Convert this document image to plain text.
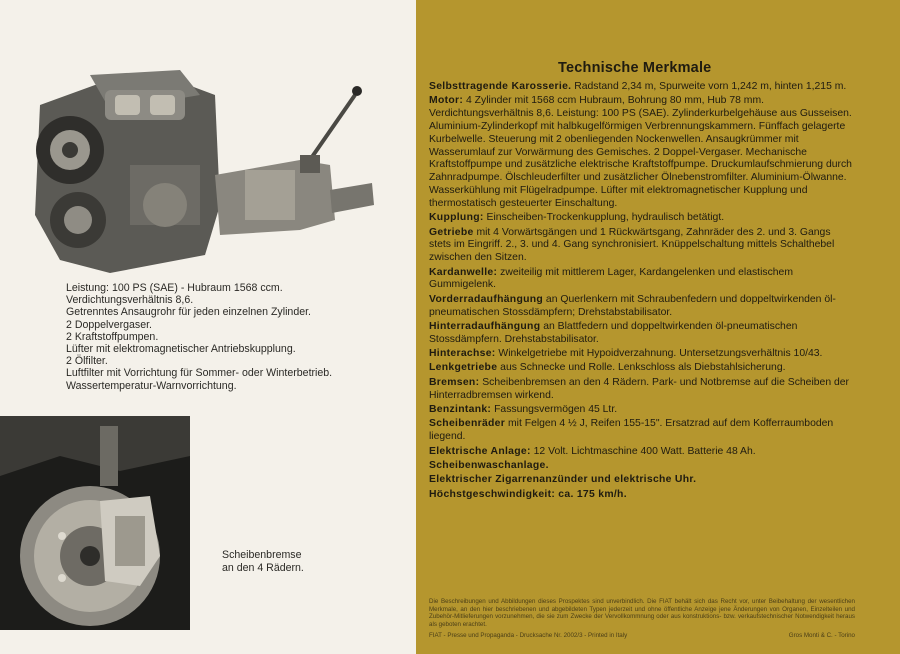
Leistung: 100 PS (SAE) - Hubraum 1568 ccm.
Verdichtungsverhältnis 8,6.
Getrenntes Ansaugrohr für jeden einzelnen Zylinder.
2 Doppelvergaser.
2 Kraftstoffpumpen.
Lüfter mit elektromagnetischer Antriebskupplung.
2 Ölfilter.
Luftfilter mit Vorrichtung für Sommer- oder Winterbetrieb.
Wassertemperatur-Warnvorrichtung.
Scheibenbremse
an den 4 Rädern.
Technische Merkmale
Selbsttragende Karosserie. Radstand 2,34 m, Spurweite vorn 1,242 m, hinten 1,215 m.
Motor: 4 Zylinder mit 1568 ccm Hubraum, Bohrung 80 mm, Hub 78 mm. Verdichtungsverhältnis 8,6. Leistung: 100 PS (SAE). Zylinderkurbelgehäuse aus Gusseisen. Aluminium-Zylinderkopf mit halbkugelförmigen Verbrennungskammern. Fünffach gelagerte Kurbelwelle. Steuerung mit 2 obenliegenden Nockenwellen. Ansaugkrümmer mit Wasserumlauf zur Vorwärmung des Gemisches. 2 Doppel-Vergaser. Mechanische Kraftstoffpumpe und zusätzliche elektrische Kraftstoffpumpe. Druckumlaufschmierung durch Zahnradpumpe. Ölschleuderfilter und zusätzlicher Ölnebenstromfilter. Aluminium-Ölwanne. Wasserkühlung mit Flügelradpumpe. Lüfter mit elektromagnetischer Kupplung und thermostatisch gesteuerter Einschaltung.
Kupplung: Einscheiben-Trockenkupplung, hydraulisch betätigt.
Getriebe mit 4 Vorwärtsgängen und 1 Rückwärtsgang, Zahnräder des 2. und 3. Gangs stets im Eingriff. 2., 3. und 4. Gang synchronisiert. Knüppelschaltung mittels Schalthebel zwischen den Sitzen.
Kardanwelle: zweiteilig mit mittlerem Lager, Kardangelenken und elastischem Gummigelenk.
Vorderradaufhängung an Querlenkern mit Schraubenfedern und doppeltwirkenden öl-pneumatischen Stossdämpfern; Drehstabstabilisator.
Hinterradaufhängung an Blattfedern und doppeltwirkenden öl-pneumatischen Stossdämpfern. Drehstabstabilisator.
Hinterachse: Winkelgetriebe mit Hypoidverzahnung. Untersetzungsverhältnis 10/43.
Lenkgetriebe aus Schnecke und Rolle. Lenkschloss als Diebstahlsicherung.
Bremsen: Scheibenbremsen an den 4 Rädern. Park- und Notbremse auf die Scheiben der Hinterradbremsen wirkend.
Benzintank: Fassungsvermögen 45 Ltr.
Scheibenräder mit Felgen 4 ½ J, Reifen 155-15". Ersatzrad auf dem Kofferraumboden liegend.
Elektrische Anlage: 12 Volt. Lichtmaschine 400 Watt. Batterie 48 Ah.
Scheibenwaschanlage.
Elektrischer Zigarrenanzünder und elektrische Uhr.
Höchstgeschwindigkeit: ca. 175 km/h.
Die Beschreibungen und Abbildungen dieses Prospektes sind unverbindlich. Die FIAT behält sich das Recht vor, unter Beibehaltung der wesentlichen Merkmale, an den hier beschriebenen und abgebildeten Typen jederzeit und ohne öffentliche Anzeige jene Änderungen von Organen, Einzelteilen und Zubehör-Mitlieferungen vorzunehmen, die sie zum Zwecke der Vervollkommnung oder aus konstruktions- bzw. verkaufstechnischer Notwendigkeit heraus als geboten erachtet.
FIAT - Presse und Propaganda - Drucksache Nr. 2002/3 - Printed in Italy	Gros Monti & C. - Torino
